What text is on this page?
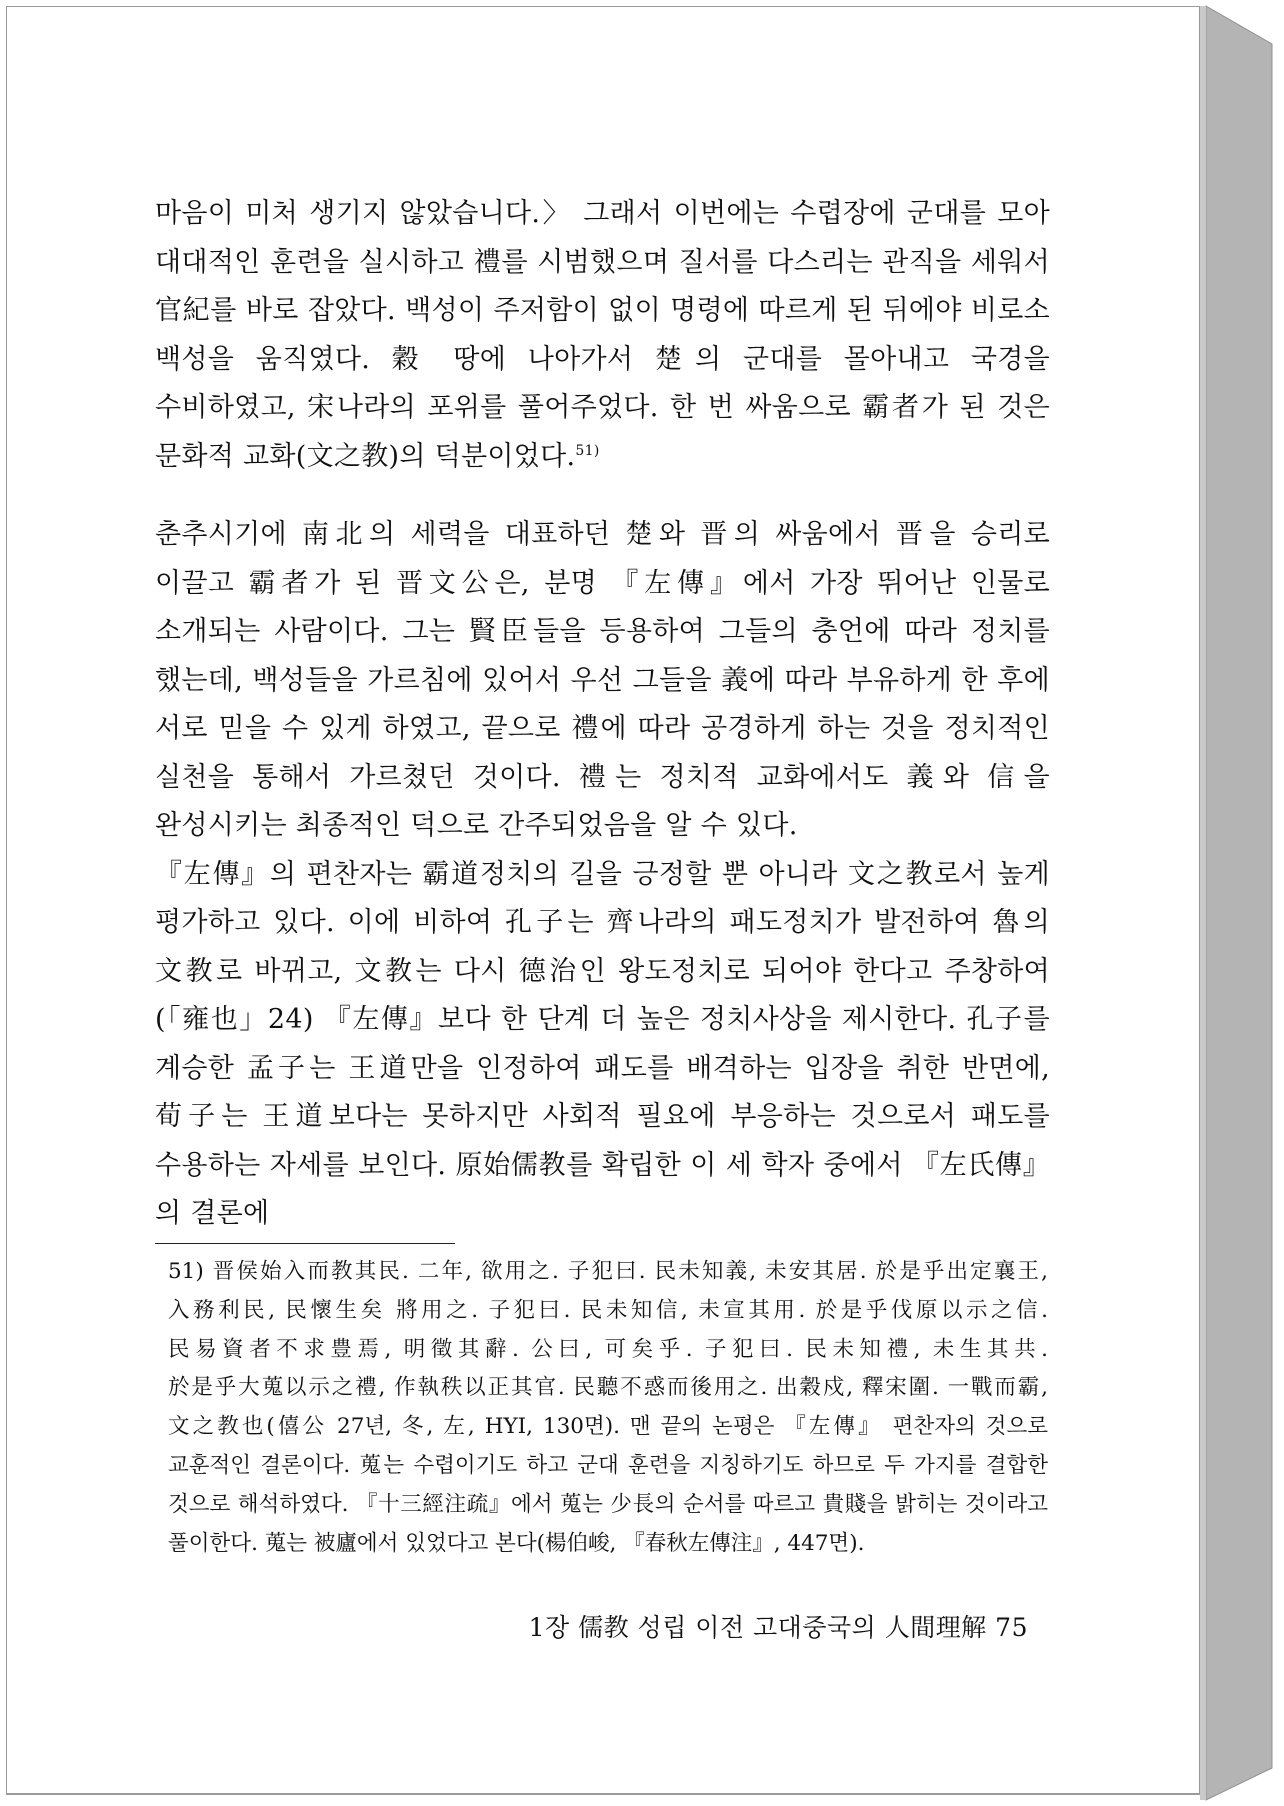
마음이 미처 생기지 않았습니다.〉 그래서 이번에는 수렵장에 군대를 모아 대대적인 훈련을 실시하고 禮를 시범했으며 질서를 다스리는 관직을 세워서 官紀를 바로 잡았다. 백성이 주저함이 없이 명령에 따르게 된 뒤에야 비로소 백성을 움직였다. 穀 땅에 나아가서 楚의 군대를 몰아내고 국경을 수비하였고, 宋나라의 포위를 풀어주었다. 한 번 싸움으로 霸者가 된 것은 문화적 교화(文之教)의 덕분이었다.$^{51)}$

춘추시기에 南北의 세력을 대표하던 楚와 晋의 싸움에서 晋을 승리로 이끌고 霸者가 된 晋文公은, 분명 『左傳』에서 가장 뛰어난 인물로 소개되는 사람이다. 그는 賢臣들을 등용하여 그들의 충언에 따라 정치를 했는데, 백성들을 가르침에 있어서 우선 그들을 義에 따라 부유하게 한 후에 서로 믿을 수 있게 하였고, 끝으로 禮에 따라 공경하게 하는 것을 정치적인 실천을 통해서 가르쳤던 것이다. 禮는 정치적 교화에서도 義와 信을 완성시키는 최종적인 덕으로 간주되었음을 알 수 있다.

『左傳』의 편찬자는 霸道정치의 길을 긍정할 뿐 아니라 文之教로서 높게 평가하고 있다. 이에 비하여 孔子는 齊나라의 패도정치가 발전하여 魯의 文教로 바뀌고, 文教는 다시 德治인 왕도정치로 되어야 한다고 주창하여(「雍也」24) 『左傳』보다 한 단계 더 높은 정치사상을 제시한다. 孔子를 계승한 孟子는 王道만을 인정하여 패도를 배격하는 입장을 취한 반면에, 荀子는 王道보다는 못하지만 사회적 필요에 부응하는 것으로서 패도를 수용하는 자세를 보인다. 原始儒教를 확립한 이 세 학자 중에서 『左氏傳』의 결론에

51) 晋侯始入而教其民. 二年, 欲用之. 子犯曰. 民未知義, 未安其居. 於是乎出定襄王, 入務利民, 民懷生矣 將用之. 子犯曰. 民未知信, 未宣其用. 於是乎伐原以示之信. 民易資者不求豊焉, 明徵其辭. 公曰, 可矣乎. 子犯曰. 民未知禮, 未生其共. 於是乎大蒐以示之禮, 作執秩以正其官. 民聽不惑而後用之. 出穀戍, 釋宋圍. 一戰而霸, 文之教也(僖公 27년, 冬, 左, HYI, 130면). 맨 끝의 논평은 『左傳』 편찬자의 것으로 교훈적인 결론이다. 蒐는 수렵이기도 하고 군대 훈련을 지칭하기도 하므로 두 가지를 결합한 것으로 해석하였다. 『十三經注疏』에서 蒐는 少長의 순서를 따르고 貴賤을 밝히는 것이라고 풀이한다. 蒐는 被廬에서 있었다고 본다(楊伯峻, 『春秋左傳注』, 447면).

1장 儒教 성립 이전 고대중국의 人間理解 75
